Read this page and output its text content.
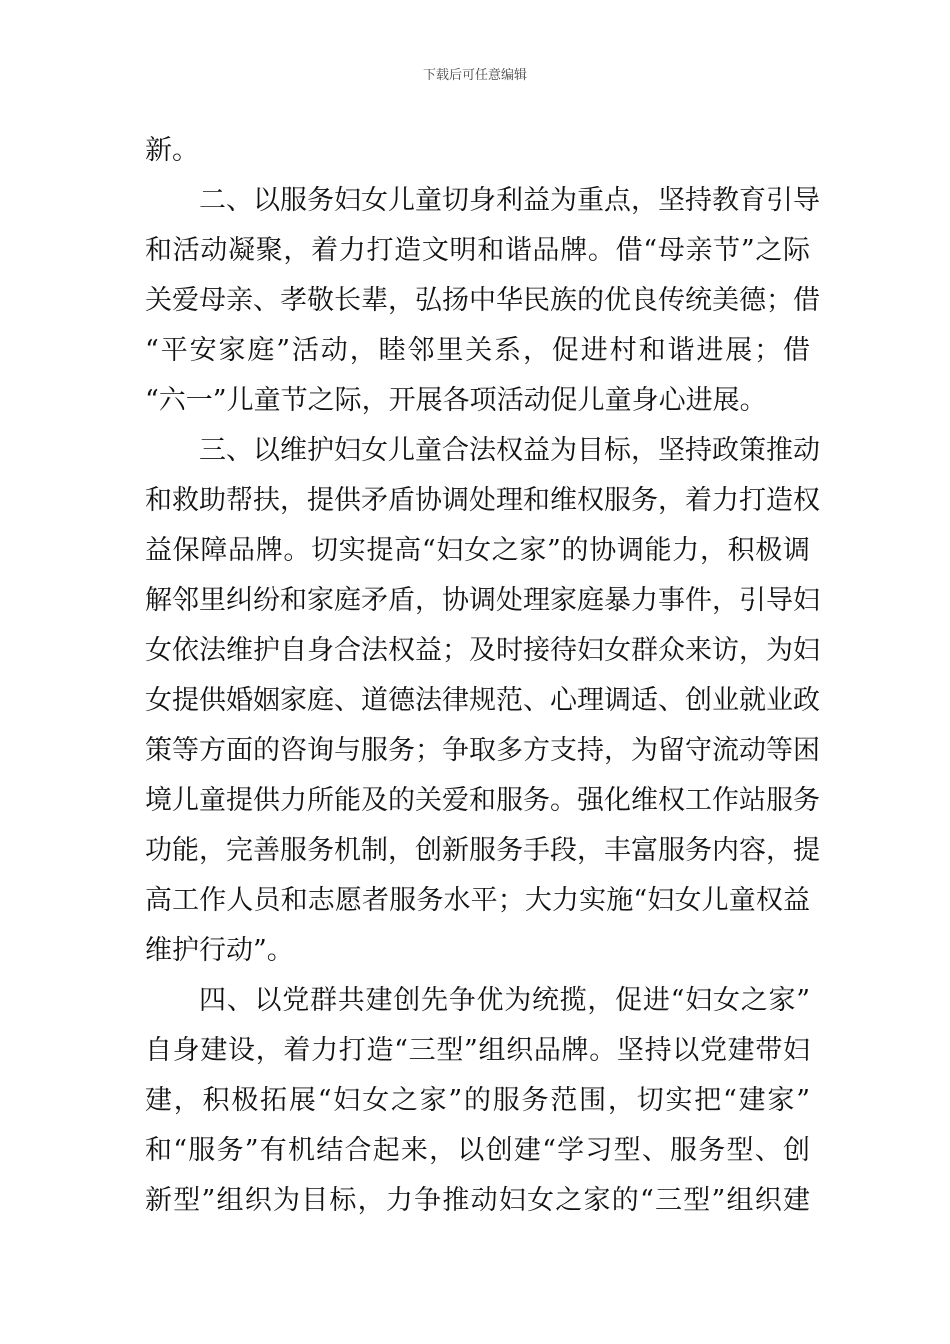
下载后可任意编辑
新。
二、以服务妇女儿童切身利益为重点，坚持教育引导
和活动凝聚，着力打造文明和谐品牌。借“母亲节”之际
关爱母亲、孝敬长辈，弘扬中华民族的优良传统美德；借
“平安家庭”活动，睦邻里关系，促进村和谐进展；借
“六一”儿童节之际，开展各项活动促儿童身心进展。
三、以维护妇女儿童合法权益为目标，坚持政策推动
和救助帮扶，提供矛盾协调处理和维权服务，着力打造权
益保障品牌。切实提高“妇女之家”的协调能力，积极调
解邻里纠纷和家庭矛盾，协调处理家庭暴力事件，引导妇
女依法维护自身合法权益；及时接待妇女群众来访，为妇
女提供婚姻家庭、道德法律规范、心理调适、创业就业政
策等方面的咨询与服务；争取多方支持，为留守流动等困
境儿童提供力所能及的关爱和服务。强化维权工作站服务
功能，完善服务机制，创新服务手段，丰富服务内容，提
高工作人员和志愿者服务水平；大力实施“妇女儿童权益
维护行动”。
四、以党群共建创先争优为统揽，促进“妇女之家”
自身建设，着力打造“三型”组织品牌。坚持以党建带妇
建，积极拓展“妇女之家”的服务范围，切实把“建家”
和“服务”有机结合起来，以创建“学习型、服务型、创
新型”组织为目标，力争推动妇女之家的“三型”组织建
